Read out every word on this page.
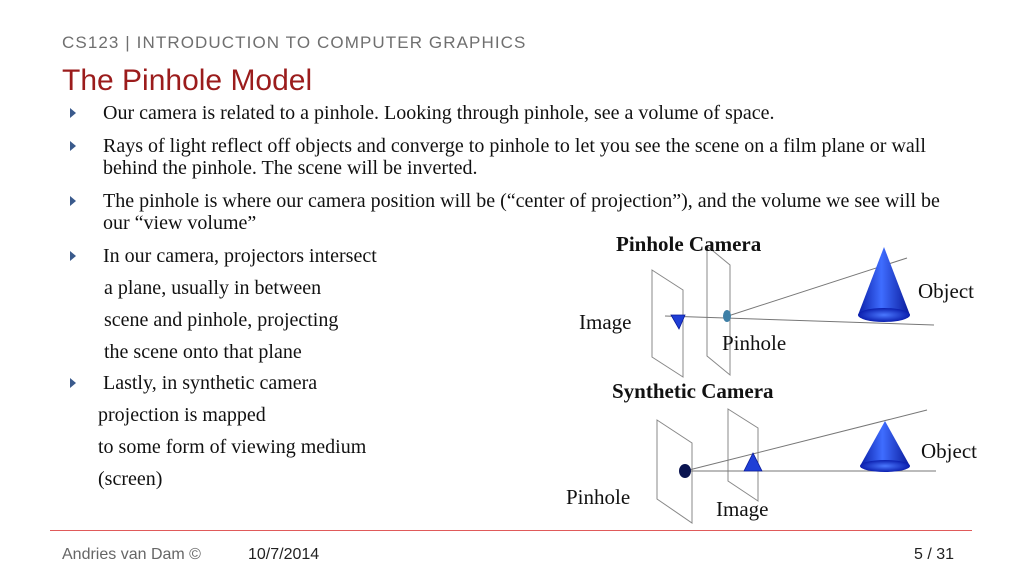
CS123 | INTRODUCTION TO COMPUTER GRAPHICS
The Pinhole Model
Our camera is related to a pinhole. Looking through pinhole, see a volume of space.
Rays of light reflect off objects and converge to pinhole to let you see the scene on a film plane or wall behind the pinhole. The scene will be inverted.
The pinhole is where our camera position will be (“center of projection”), and the volume we see will be our “view volume”
In our camera, projectors intersect
a plane, usually in between
scene and pinhole, projecting
the scene onto that plane
Lastly, in synthetic camera
projection is mapped
to some form of viewing medium
(screen)
Pinhole Camera
Image
Pinhole
Object
Synthetic Camera
Pinhole	Image
Object
Andries van Dam ©	10/7/2014	5 / 31
